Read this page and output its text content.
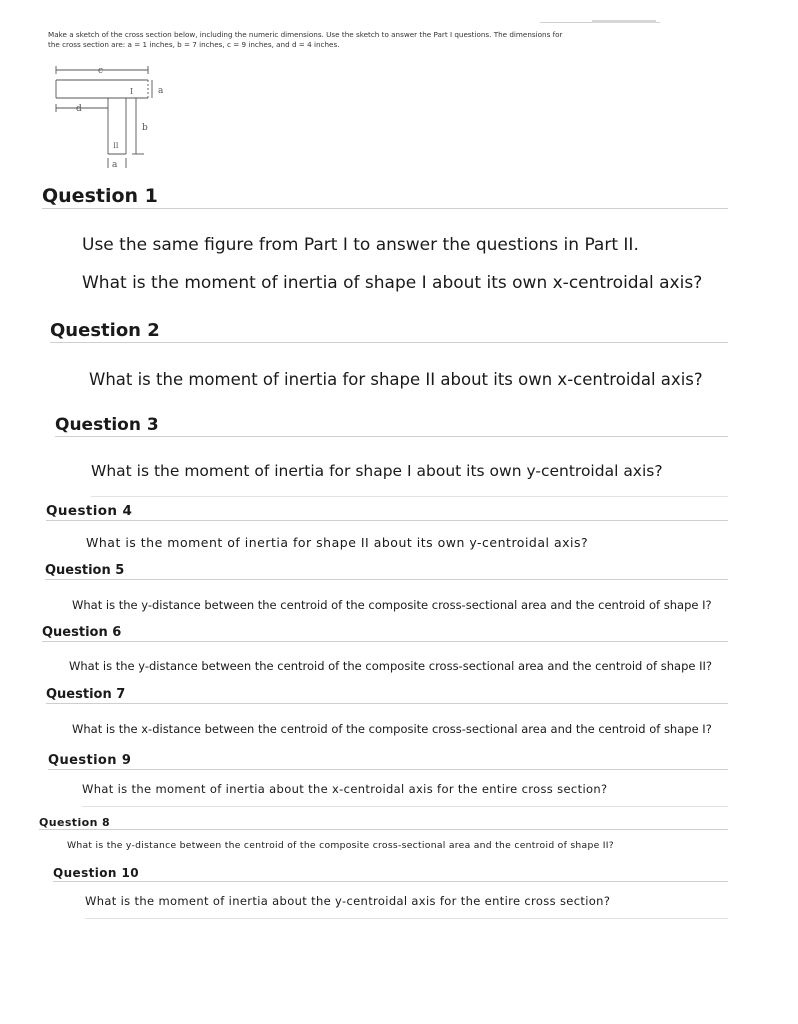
Make a sketch of the cross section below, including the numeric dimensions. Use the sketch to answer the Part I questions. The dimensions for
the cross section are: a = 1 inches, b = 7 inches, c = 9 inches, and d = 4 inches.
c
I	a
d
II
b
a
Question 1
Use the same figure from Part I to answer the questions in Part II.
What is the moment of inertia of shape I about its own x-centroidal axis?
Question 2
What is the moment of inertia for shape II about its own x-centroidal axis?
Question 3
What is the moment of inertia for shape I about its own y-centroidal axis?
Question 4
What is the moment of inertia for shape II about its own y-centroidal axis?
Question 5
What is the y-distance between the centroid of the composite cross-sectional area and the centroid of shape I?
Question 6
What is the y-distance between the centroid of the composite cross-sectional area and the centroid of shape II?
Question 7
What is the x-distance between the centroid of the composite cross-sectional area and the centroid of shape I?
Question 9
What is the moment of inertia about the x-centroidal axis for the entire cross section?
Question 8
What is the y-distance between the centroid of the composite cross-sectional area and the centroid of shape II?
Question 10
What is the moment of inertia about the y-centroidal axis for the entire cross section?
